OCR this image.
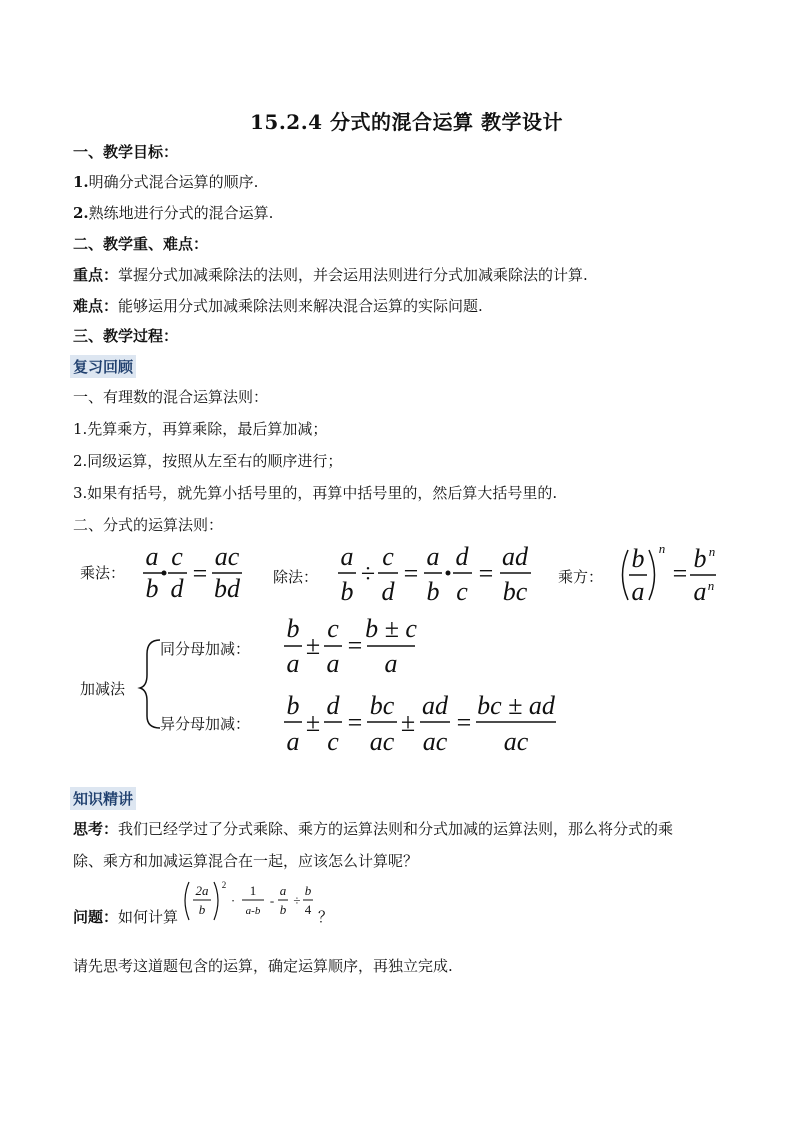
15.2.4 分式的混合运算 教学设计
一、教学目标：
1.明确分式混合运算的顺序.
2.熟练地进行分式的混合运算.
二、教学重、难点：
重点：掌握分式加减乘除法的法则，并会运用法则进行分式加减乘除法的计算.
难点：能够运用分式加减乘除法则来解决混合运算的实际问题.
三、教学过程：
复习回顾
一、有理数的混合运算法则：
1.先算乘方，再算乘除，最后算加减；
2.同级运算，按照从左至右的顺序进行；
3.如果有括号，就先算小括号里的，再算中括号里的，然后算大括号里的.
二、分式的运算法则：
乘法：	除法：	乘方：
加减法
同分母加减：
异分母加减：
a
b
c
d
=
ac
bd
a
b
÷
c
d
=
a
b
d
c
=
ad
bc
b
a
n
=
b n
a n
b
a
±
c
a
=
b ± c
a
b
a
±
d
c
=
bc
ac
±
ad
ac
=
bc ± ad
ac
知识精讲
思考：我们已经学过了分式乘除、乘方的运算法则和分式加减的运算法则，那么将分式的乘
除、乘方和加减运算混合在一起，应该怎么计算呢？
问题：如何计算
2a
b
2
·
1
a-b
-
a
b
÷
b
4 ？
请先思考这道题包含的运算，确定运算顺序，再独立完成.
